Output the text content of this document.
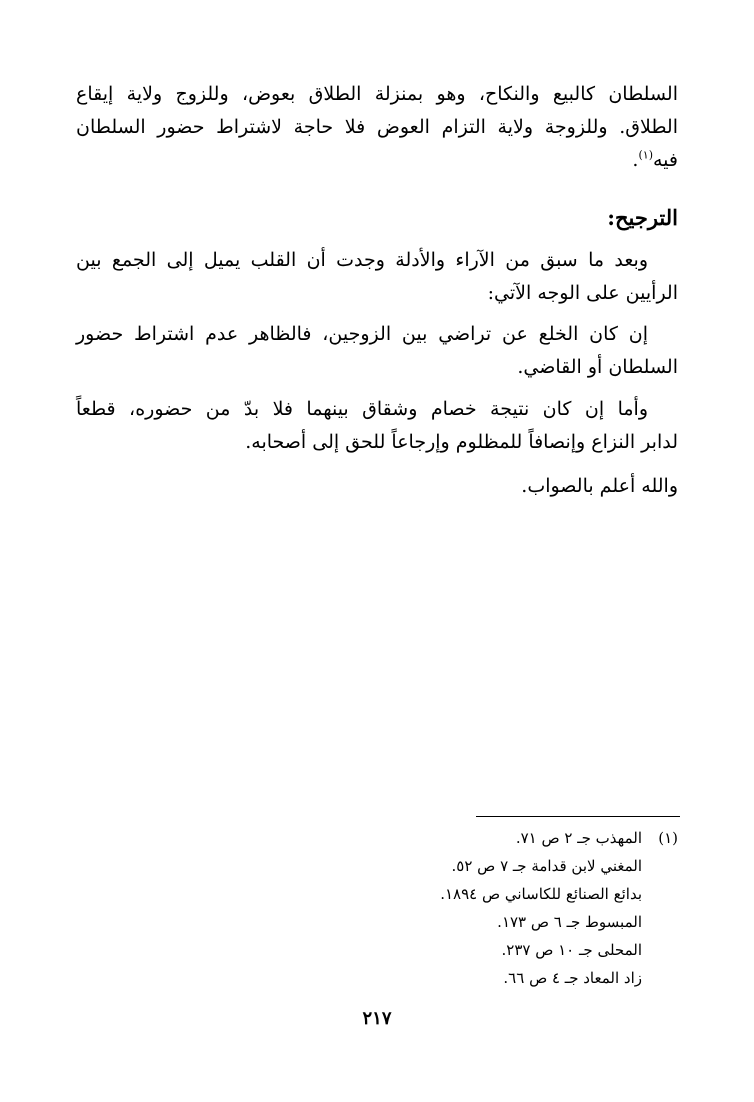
السلطان كالبيع والنكاح، وهو بمنزلة الطلاق بعوض، وللزوج ولاية إيقاع
الطلاق. وللزوجة ولاية التزام العوض فلا حاجة لاشتراط حضور السلطان
فيه$^{(١)}$.
الترجيح:
وبعد ما سبق من الآراء والأدلة وجدت أن القلب يميل إلى الجمع بين
الرأيين على الوجه الآتي:
إن كان الخلع عن تراضي بين الزوجين، فالظاهر عدم اشتراط حضور
السلطان أو القاضي.
وأما إن كان نتيجة خصام وشقاق بينهما فلا بدّ من حضوره، قطعاً
لدابر النزاع وإنصافاً للمظلوم وإرجاعاً للحق إلى أصحابه.
والله أعلم بالصواب.
(١)المهذب جـ ٢ ص ٧١.
المغني لابن قدامة جـ ٧ ص ٥٢.
بدائع الصنائع للكاساني ص ١٨٩٤.
المبسوط جـ ٦ ص ١٧٣.
المحلى جـ ١٠ ص ٢٣٧.
زاد المعاد جـ ٤ ص ٦٦.
٢١٧
